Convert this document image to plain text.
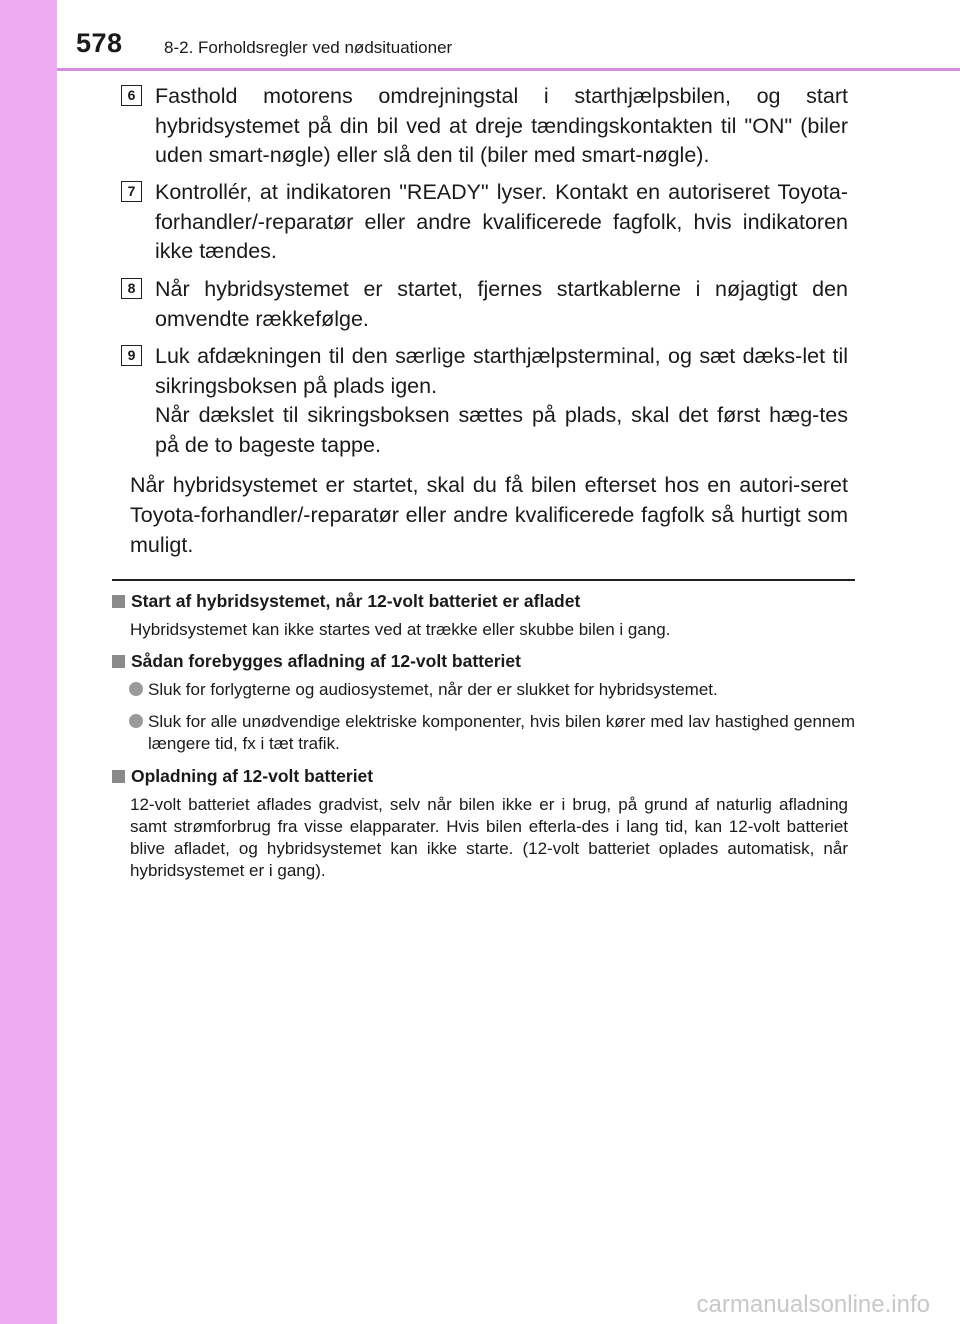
578 8-2. Forholdsregler ved nødsituationer
6 Fasthold motorens omdrejningstal i starthjælpsbilen, og start hybridsystemet på din bil ved at dreje tændingskontakten til "ON" (biler uden smart-nøgle) eller slå den til (biler med smart-nøgle).

7 Kontrollér, at indikatoren "READY" lyser. Kontakt en autoriseret Toyota-forhandler/-reparatør eller andre kvalificerede fagfolk, hvis indikatoren ikke tændes.

8 Når hybridsystemet er startet, fjernes startkablerne i nøjagtigt den omvendte rækkefølge.

9 Luk afdækningen til den særlige starthjælpsterminal, og sæt dæks-let til sikringsboksen på plads igen.

Når dækslet til sikringsboksen sættes på plads, skal det først hæg-tes på de to bageste tappe.

Når hybridsystemet er startet, skal du få bilen efterset hos en autori-seret Toyota-forhandler/-reparatør eller andre kvalificerede fagfolk så hurtigt som muligt.
Start af hybridsystemet, når 12-volt batteriet er afladet
Hybridsystemet kan ikke startes ved at trække eller skubbe bilen i gang.
Sådan forebygges afladning af 12-volt batteriet
Sluk for forlygterne og audiosystemet, når der er slukket for hybridsystemet.
Sluk for alle unødvendige elektriske komponenter, hvis bilen kører med lav hastighed gennem længere tid, fx i tæt trafik.
Opladning af 12-volt batteriet
12-volt batteriet aflades gradvist, selv når bilen ikke er i brug, på grund af naturlig afladning samt strømforbrug fra visse elapparater. Hvis bilen efterla-des i lang tid, kan 12-volt batteriet blive afladet, og hybridsystemet kan ikke starte. (12-volt batteriet oplades automatisk, når hybridsystemet er i gang).
carmanualsonline.info
